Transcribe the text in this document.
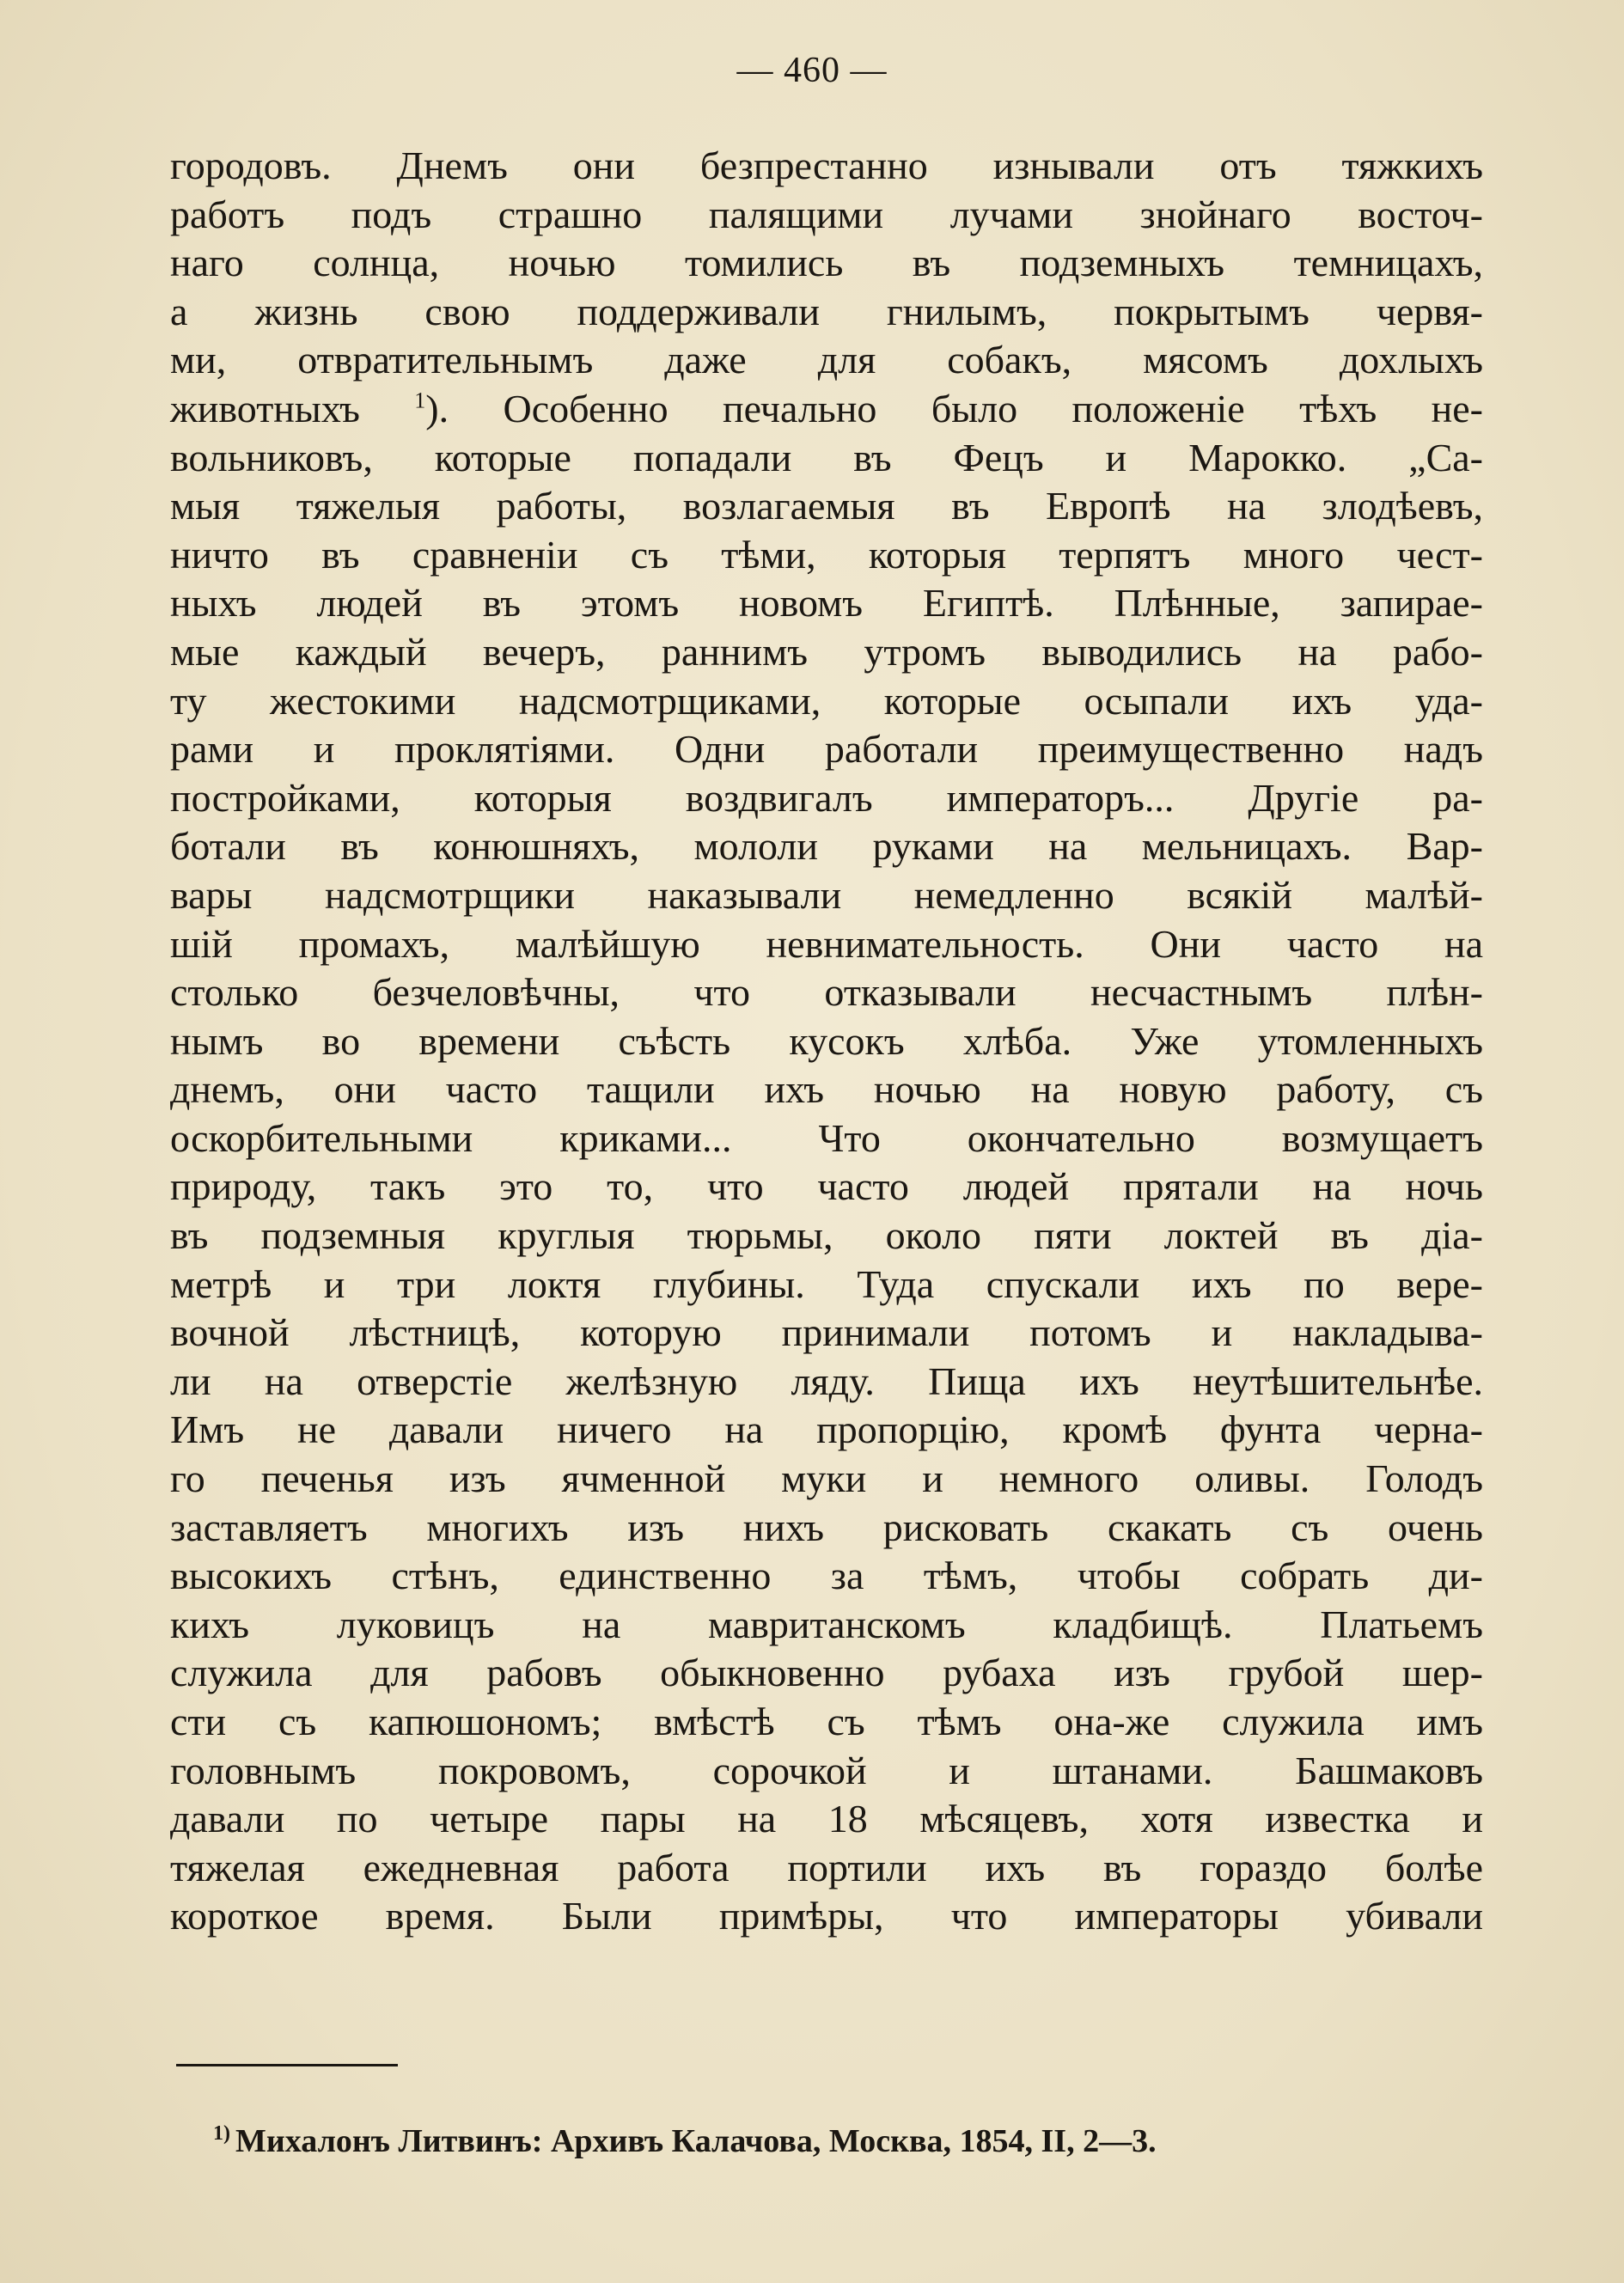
— 460 —
городовъ. Днемъ они безпрестанно изнывали отъ тяжкихъ
работъ подъ страшно палящими лучами знойнаго восточ-
наго солнца, ночью томились въ подземныхъ темницахъ,
а жизнь свою поддерживали гнилымъ, покрытымъ червя-
ми, отвратительнымъ даже для собакъ, мясомъ дохлыхъ
животныхъ $^1$). Особенно печально было положеніе тѣхъ не-
вольниковъ, которые попадали въ Фецъ и Марокко. „Са-
мыя тяжелыя работы, возлагаемыя въ Европѣ на злодѣевъ,
ничто въ сравненіи съ тѣми, которыя терпятъ много чест-
ныхъ людей въ этомъ новомъ Египтѣ. Плѣнные, запирае-
мые каждый вечеръ, раннимъ утромъ выводились на рабо-
ту жестокими надсмотрщиками, которые осыпали ихъ уда-
рами и проклятіями. Одни работали преимущественно надъ
постройками, которыя воздвигалъ императоръ... Другіе ра-
ботали въ конюшняхъ, мололи руками на мельницахъ. Вар-
вары надсмотрщики наказывали немедленно всякій малѣй-
шій промахъ, малѣйшую невнимательность. Они часто на
столько безчеловѣчны, что отказывали несчастнымъ плѣн-
нымъ во времени съѣсть кусокъ хлѣба. Уже утомленныхъ
днемъ, они часто тащили ихъ ночью на новую работу, съ
оскорбительными криками... Что окончательно возмущаетъ
природу, такъ это то, что часто людей прятали на ночь
въ подземныя круглыя тюрьмы, около пяти локтей въ діа-
метрѣ и три локтя глубины. Туда спускали ихъ по вере-
вочной лѣстницѣ, которую принимали потомъ и накладыва-
ли на отверстіе желѣзную ляду. Пища ихъ неутѣшительнѣе.
Имъ не давали ничего на пропорцію, кромѣ фунта черна-
го печенья изъ ячменной муки и немного оливы. Голодъ
заставляетъ многихъ изъ нихъ рисковать скакать съ очень
высокихъ стѣнъ, единственно за тѣмъ, чтобы собрать ди-
кихъ луковицъ на мавританскомъ кладбищѣ. Платьемъ
служила для рабовъ обыкновенно рубаха изъ грубой шер-
сти съ капюшономъ; вмѣстѣ съ тѣмъ она-же служила имъ
головнымъ покровомъ, сорочкой и штанами. Башмаковъ
давали по четыре пары на 18 мѣсяцевъ, хотя известка и
тяжелая ежедневная работа портили ихъ въ гораздо болѣе
короткое время. Были примѣры, что императоры убивали
$^{1)}$ Михалонъ Литвинъ: Архивъ Калачова, Москва, 1854, II, 2—3.
